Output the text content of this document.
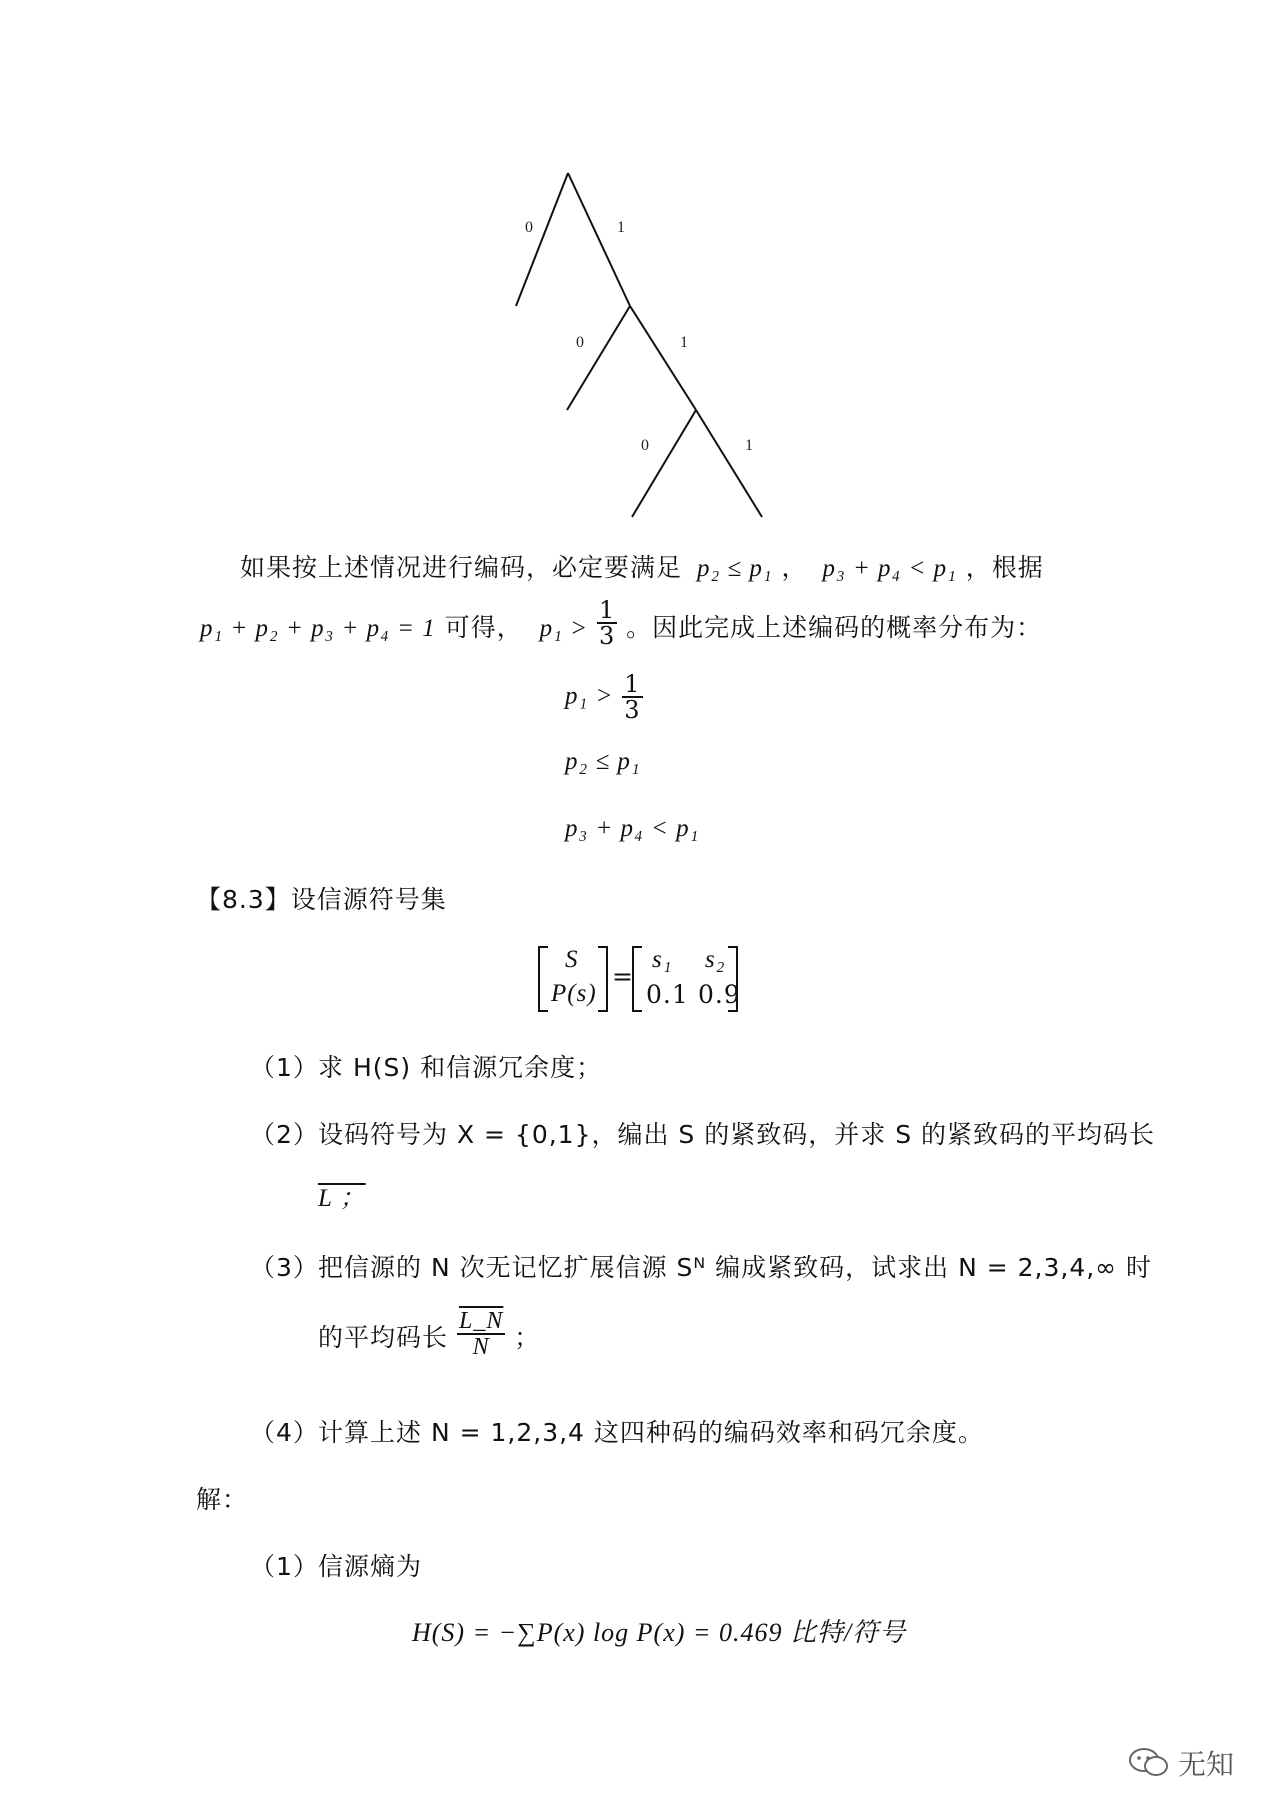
0	1
0	1
0	1
如果按上述情况进行编码，必定要满足 p₂ ≤ p₁ ， p₃ + p₄ < p₁ ，根据
p₁ + p₂ + p₃ + p₄ = 1 可得， $p_1 > \frac{1}{3}$ 。因此完成上述编码的概率分布为：
$p_1 > \frac{1}{3}$
p₂ ≤ p₁
p₃ + p₄ < p₁
【8.3】设信源符号集
S
P(s)
=
s₁ s₂
0.1 0.9
（1）求 H(S) 和信源冗余度；
（2）设码符号为 X = {0,1}，编出 S 的紧致码，并求 S 的紧致码的平均码长
L ；
（3）把信源的 N 次无记忆扩展信源 Sᴺ 编成紧致码，试求出 N = 2,3,4,∞ 时
的平均码长 $\frac{L\_N}{N}$ ；
（4）计算上述 N = 1,2,3,4 这四种码的编码效率和码冗余度。
解：
（1）信源熵为
H(S) = −∑P(x) log P(x) = 0.469 比特/符号
无知
